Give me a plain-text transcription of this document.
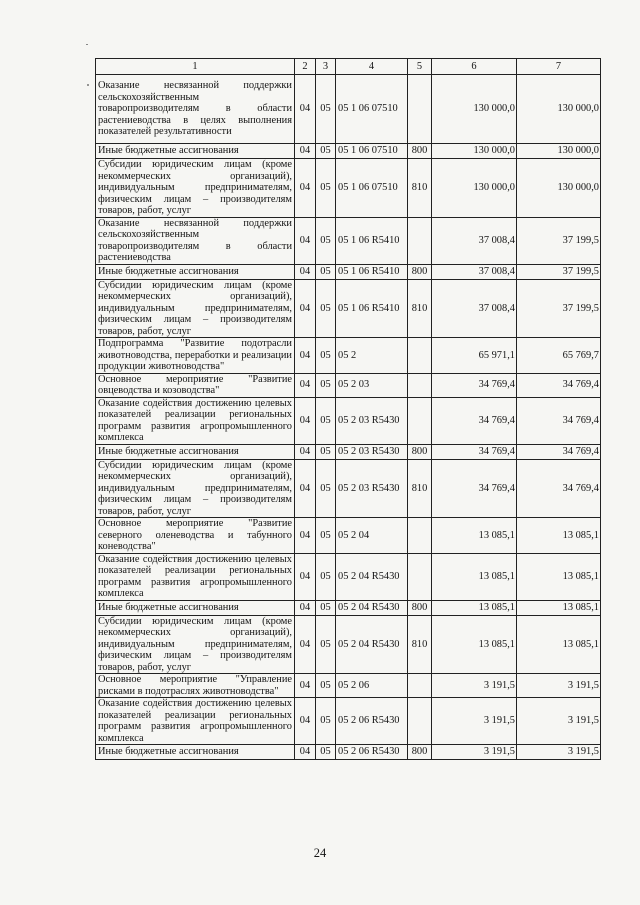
1	2	3	4	5	6	7
Оказание несвязанной поддержки сельскохозяйственным товаропроизводителям в области растениеводства в целях выполнения показателей результативности	04	05	05 1 06 07510		130 000,0	130 000,0
Иные бюджетные ассигнования	04	05	05 1 06 07510	800	130 000,0	130 000,0
Субсидии юридическим лицам (кроме некоммерческих организаций), индивидуальным предпринимателям, физическим лицам – производителям товаров, работ, услуг	04	05	05 1 06 07510	810	130 000,0	130 000,0
Оказание несвязанной поддержки сельскохозяйственным товаропроизводителям в области растениеводства	04	05	05 1 06 R5410		37 008,4	37 199,5
Иные бюджетные ассигнования	04	05	05 1 06 R5410	800	37 008,4	37 199,5
Субсидии юридическим лицам (кроме некоммерческих организаций), индивидуальным предпринимателям, физическим лицам – производителям товаров, работ, услуг	04	05	05 1 06 R5410	810	37 008,4	37 199,5
Подпрограмма "Развитие подотрасли животноводства, переработки и реализации продукции животноводства"	04	05	05 2		65 971,1	65 769,7
Основное мероприятие "Развитие овцеводства и козоводства"	04	05	05 2 03		34 769,4	34 769,4
Оказание содействия достижению целевых показателей реализации региональных программ развития агропромышленного комплекса	04	05	05 2 03 R5430		34 769,4	34 769,4
Иные бюджетные ассигнования	04	05	05 2 03 R5430	800	34 769,4	34 769,4
Субсидии юридическим лицам (кроме некоммерческих организаций), индивидуальным предпринимателям, физическим лицам – производителям товаров, работ, услуг	04	05	05 2 03 R5430	810	34 769,4	34 769,4
Основное мероприятие "Развитие северного оленеводства и табунного коневодства"	04	05	05 2 04		13 085,1	13 085,1
Оказание содействия достижению целевых показателей реализации региональных программ развития агропромышленного комплекса	04	05	05 2 04 R5430		13 085,1	13 085,1
Иные бюджетные ассигнования	04	05	05 2 04 R5430	800	13 085,1	13 085,1
Субсидии юридическим лицам (кроме некоммерческих организаций), индивидуальным предпринимателям, физическим лицам – производителям товаров, работ, услуг	04	05	05 2 04 R5430	810	13 085,1	13 085,1
Основное мероприятие "Управление рисками в подотраслях животноводства"	04	05	05 2 06		3 191,5	3 191,5
Оказание содействия достижению целевых показателей реализации региональных программ развития агропромышленного комплекса	04	05	05 2 06 R5430		3 191,5	3 191,5
Иные бюджетные ассигнования	04	05	05 2 06 R5430	800	3 191,5	3 191,5
24
